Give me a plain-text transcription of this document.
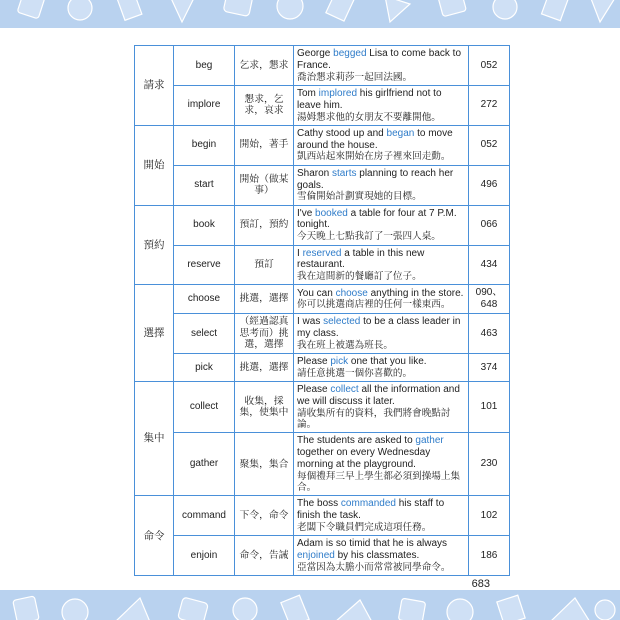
請求	beg	乞求，懇求	George begged Lisa to come back to France.
喬治懇求莉莎一起回法國。	052
	implore	懇求，乞求，哀求	Tom implored his girlfriend not to leave him.
湯姆懇求他的女朋友不要離開他。	272
開始	begin	開始，著手	Cathy stood up and began to move around the house.
凱西站起來開始在房子裡來回走動。	052
	start	開始（做某事）	Sharon starts planning to reach her goals.
雪倫開始計劃實現她的目標。	496
預約	book	預訂，預約	I've booked a table for four at 7 P.M. tonight.
今天晚上七點我訂了一張四人桌。	066
	reserve	預訂	I reserved a table in this new restaurant.
我在這間新的餐廳訂了位子。	434
選擇	choose	挑選，選擇	You can choose anything in the store.
你可以挑選商店裡的任何一樣東西。	090、648
	select	（經過認真思考而）挑選，選擇	I was selected to be a class leader in my class.
我在班上被選為班長。	463
	pick	挑選，選擇	Please pick one that you like.
請任意挑選一個你喜歡的。	374
集中	collect	收集，採集，使集中	Please collect all the information and we will discuss it later.
請收集所有的資料，我們將會晚點討論。	101
	gather	聚集，集合	The students are asked to gather together on every Wednesday morning at the playground.
每個禮拜三早上學生都必須到操場上集合。	230
命令	command	下令，命令	The boss commanded his staff to finish the task.
老闆下令職員們完成這項任務。	102
	enjoin	命令，告誡	Adam is so timid that he is always enjoined by his classmates.
亞當因為太膽小而常常被同學命令。	186
683
